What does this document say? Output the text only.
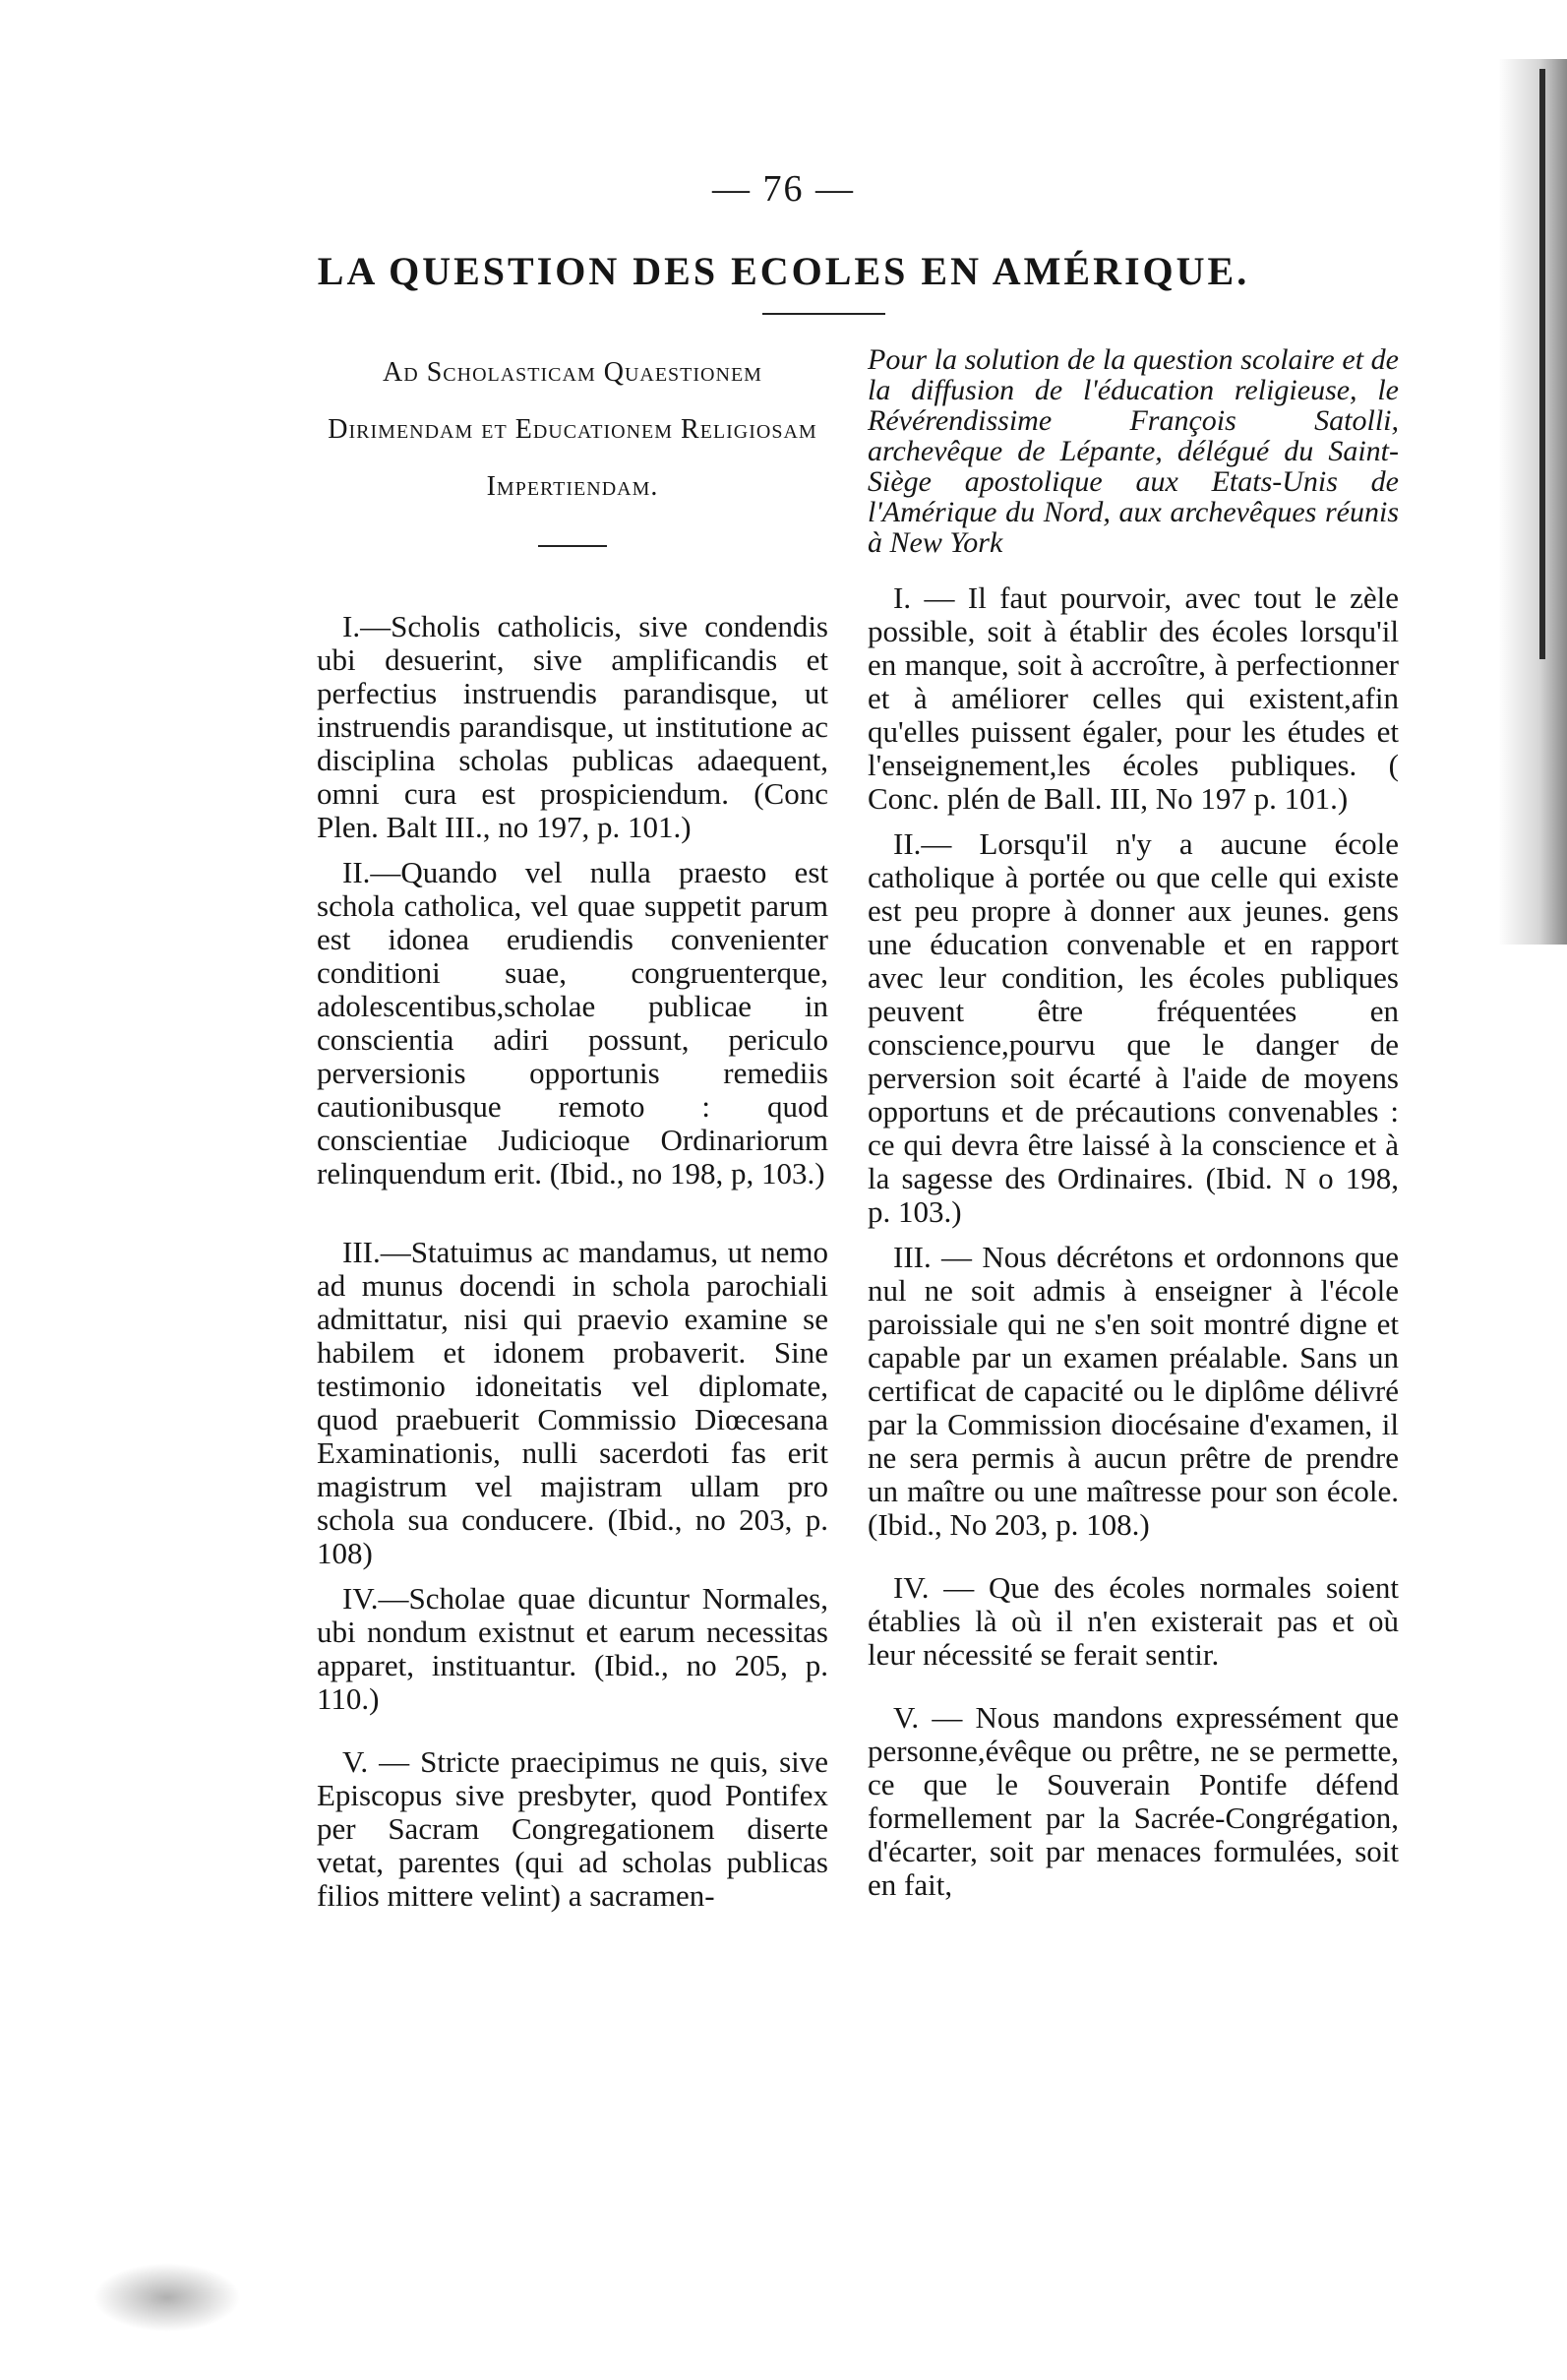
— 76 —
LA QUESTION DES ECOLES EN AMÉRIQUE.

Ad Scholasticam Quaestionem Dirimendam et Educationem Religiosam Impertiendam.

I.—Scholis catholicis, sive condendis ubi desuerint, sive amplificandis et perfectius instruendis parandisque, ut instruendis parandisque, ut institutione ac disciplina scholas publicas adaequent, omni cura est prospiciendum. (Conc Plen. Balt III., no 197, p. 101.)

II.—Quando vel nulla praesto est schola catholica, vel quae suppetit parum est idonea erudiendis convenienter conditioni suae, congruenterque, adolescentibus,scholae publicae in conscientia adiri possunt, periculo perversionis opportunis remediis cautionibusque remoto : quod conscientiae Judicioque Ordinariorum relinquendum erit. (Ibid., no 198, p, 103.)

III.—Statuimus ac mandamus, ut nemo ad munus docendi in schola parochiali admittatur, nisi qui praevio examine se habilem et idonem probaverit. Sine testimonio idoneitatis vel diplomate, quod praebuerit Commissio Diœcesana Examinationis, nulli sacerdoti fas erit magistrum vel majistram ullam pro schola sua conducere. (Ibid., no 203, p. 108)

IV.—Scholae quae dicuntur Normales, ubi nondum existnut et earum necessitas apparet, instituantur. (Ibid., no 205, p. 110.)

V. — Stricte praecipimus ne quis, sive Episcopus sive presbyter, quod Pontifex per Sacram Congregationem diserte vetat, parentes (qui ad scholas publicas filios mittere velint) a sacramen-

Pour la solution de la question scolaire et de la diffusion de l'éducation religieuse, le Révérendissime François Satolli, archevêque de Lépante, délégué du Saint-Siège apostolique aux Etats-Unis de l'Amérique du Nord, aux archevêques réunis à New York

I. — Il faut pourvoir, avec tout le zèle possible, soit à établir des écoles lorsqu'il en manque, soit à accroître, à perfectionner et à améliorer celles qui existent,afin qu'elles puissent égaler, pour les études et l'enseignement,les écoles publiques. ( Conc. plén de Ball. III, No 197 p. 101.)

II.— Lorsqu'il n'y a aucune école catholique à portée ou que celle qui existe est peu propre à donner aux jeunes. gens une éducation convenable et en rapport avec leur condition, les écoles publiques peuvent être fréquentées en conscience,pourvu que le danger de perversion soit écarté à l'aide de moyens opportuns et de précautions convenables : ce qui devra être laissé à la conscience et à la sagesse des Ordinaires. (Ibid. N o 198, p. 103.)

III. — Nous décrétons et ordonnons que nul ne soit admis à enseigner à l'école paroissiale qui ne s'en soit montré digne et capable par un examen préalable. Sans un certificat de capacité ou le diplôme délivré par la Commission diocésaine d'examen, il ne sera permis à aucun prêtre de prendre un maître ou une maîtresse pour son école. (Ibid., No 203, p. 108.)

IV. — Que des écoles normales soient établies là où il n'en existerait pas et où leur nécessité se ferait sentir.

V. — Nous mandons expressément que personne,évêque ou prêtre, ne se permette, ce que le Souverain Pontife défend formellement par la Sacrée-Congrégation, d'écarter, soit par menaces formulées, soit en fait,
